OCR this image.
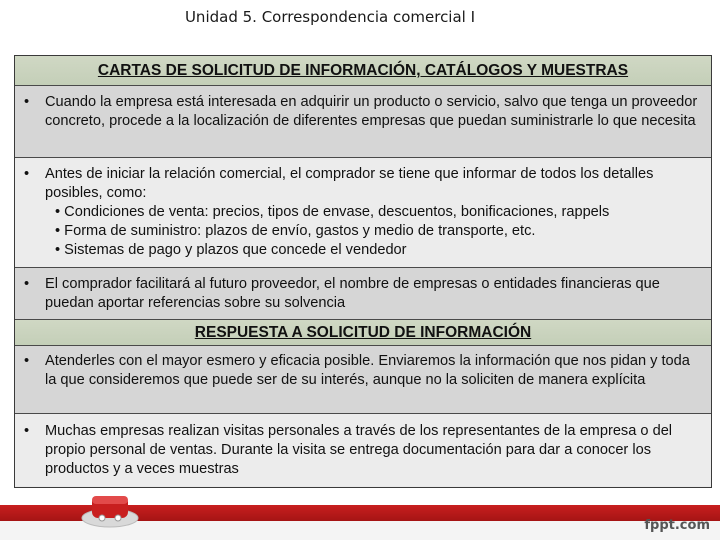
Unidad 5. Correspondencia comercial I
CARTAS DE SOLICITUD DE INFORMACIÓN, CATÁLOGOS Y MUESTRAS
• Cuando la empresa está interesada en adquirir un producto o servicio, salvo que tenga un proveedor concreto, procede a la localización de diferentes empresas que puedan suministrarle lo que necesita
• Antes de iniciar la relación comercial, el comprador se tiene que informar de todos los detalles posibles, como:
• Condiciones de venta: precios, tipos de envase, descuentos, bonificaciones, rappels
• Forma de suministro: plazos de envío, gastos y medio de transporte, etc.
• Sistemas de pago y plazos que concede el vendedor
• El comprador facilitará al futuro proveedor, el nombre de empresas o entidades financieras que puedan aportar referencias sobre su solvencia
RESPUESTA A SOLICITUD DE INFORMACIÓN
• Atenderles con el mayor esmero y eficacia posible. Enviaremos la información que nos pidan y toda la que consideremos que puede ser de su interés, aunque no la soliciten de manera explícita
• Muchas empresas realizan visitas personales a través de los representantes de la empresa o del propio personal de ventas. Durante la visita se entrega documentación para dar a conocer los productos y a veces muestras
fppt.com
